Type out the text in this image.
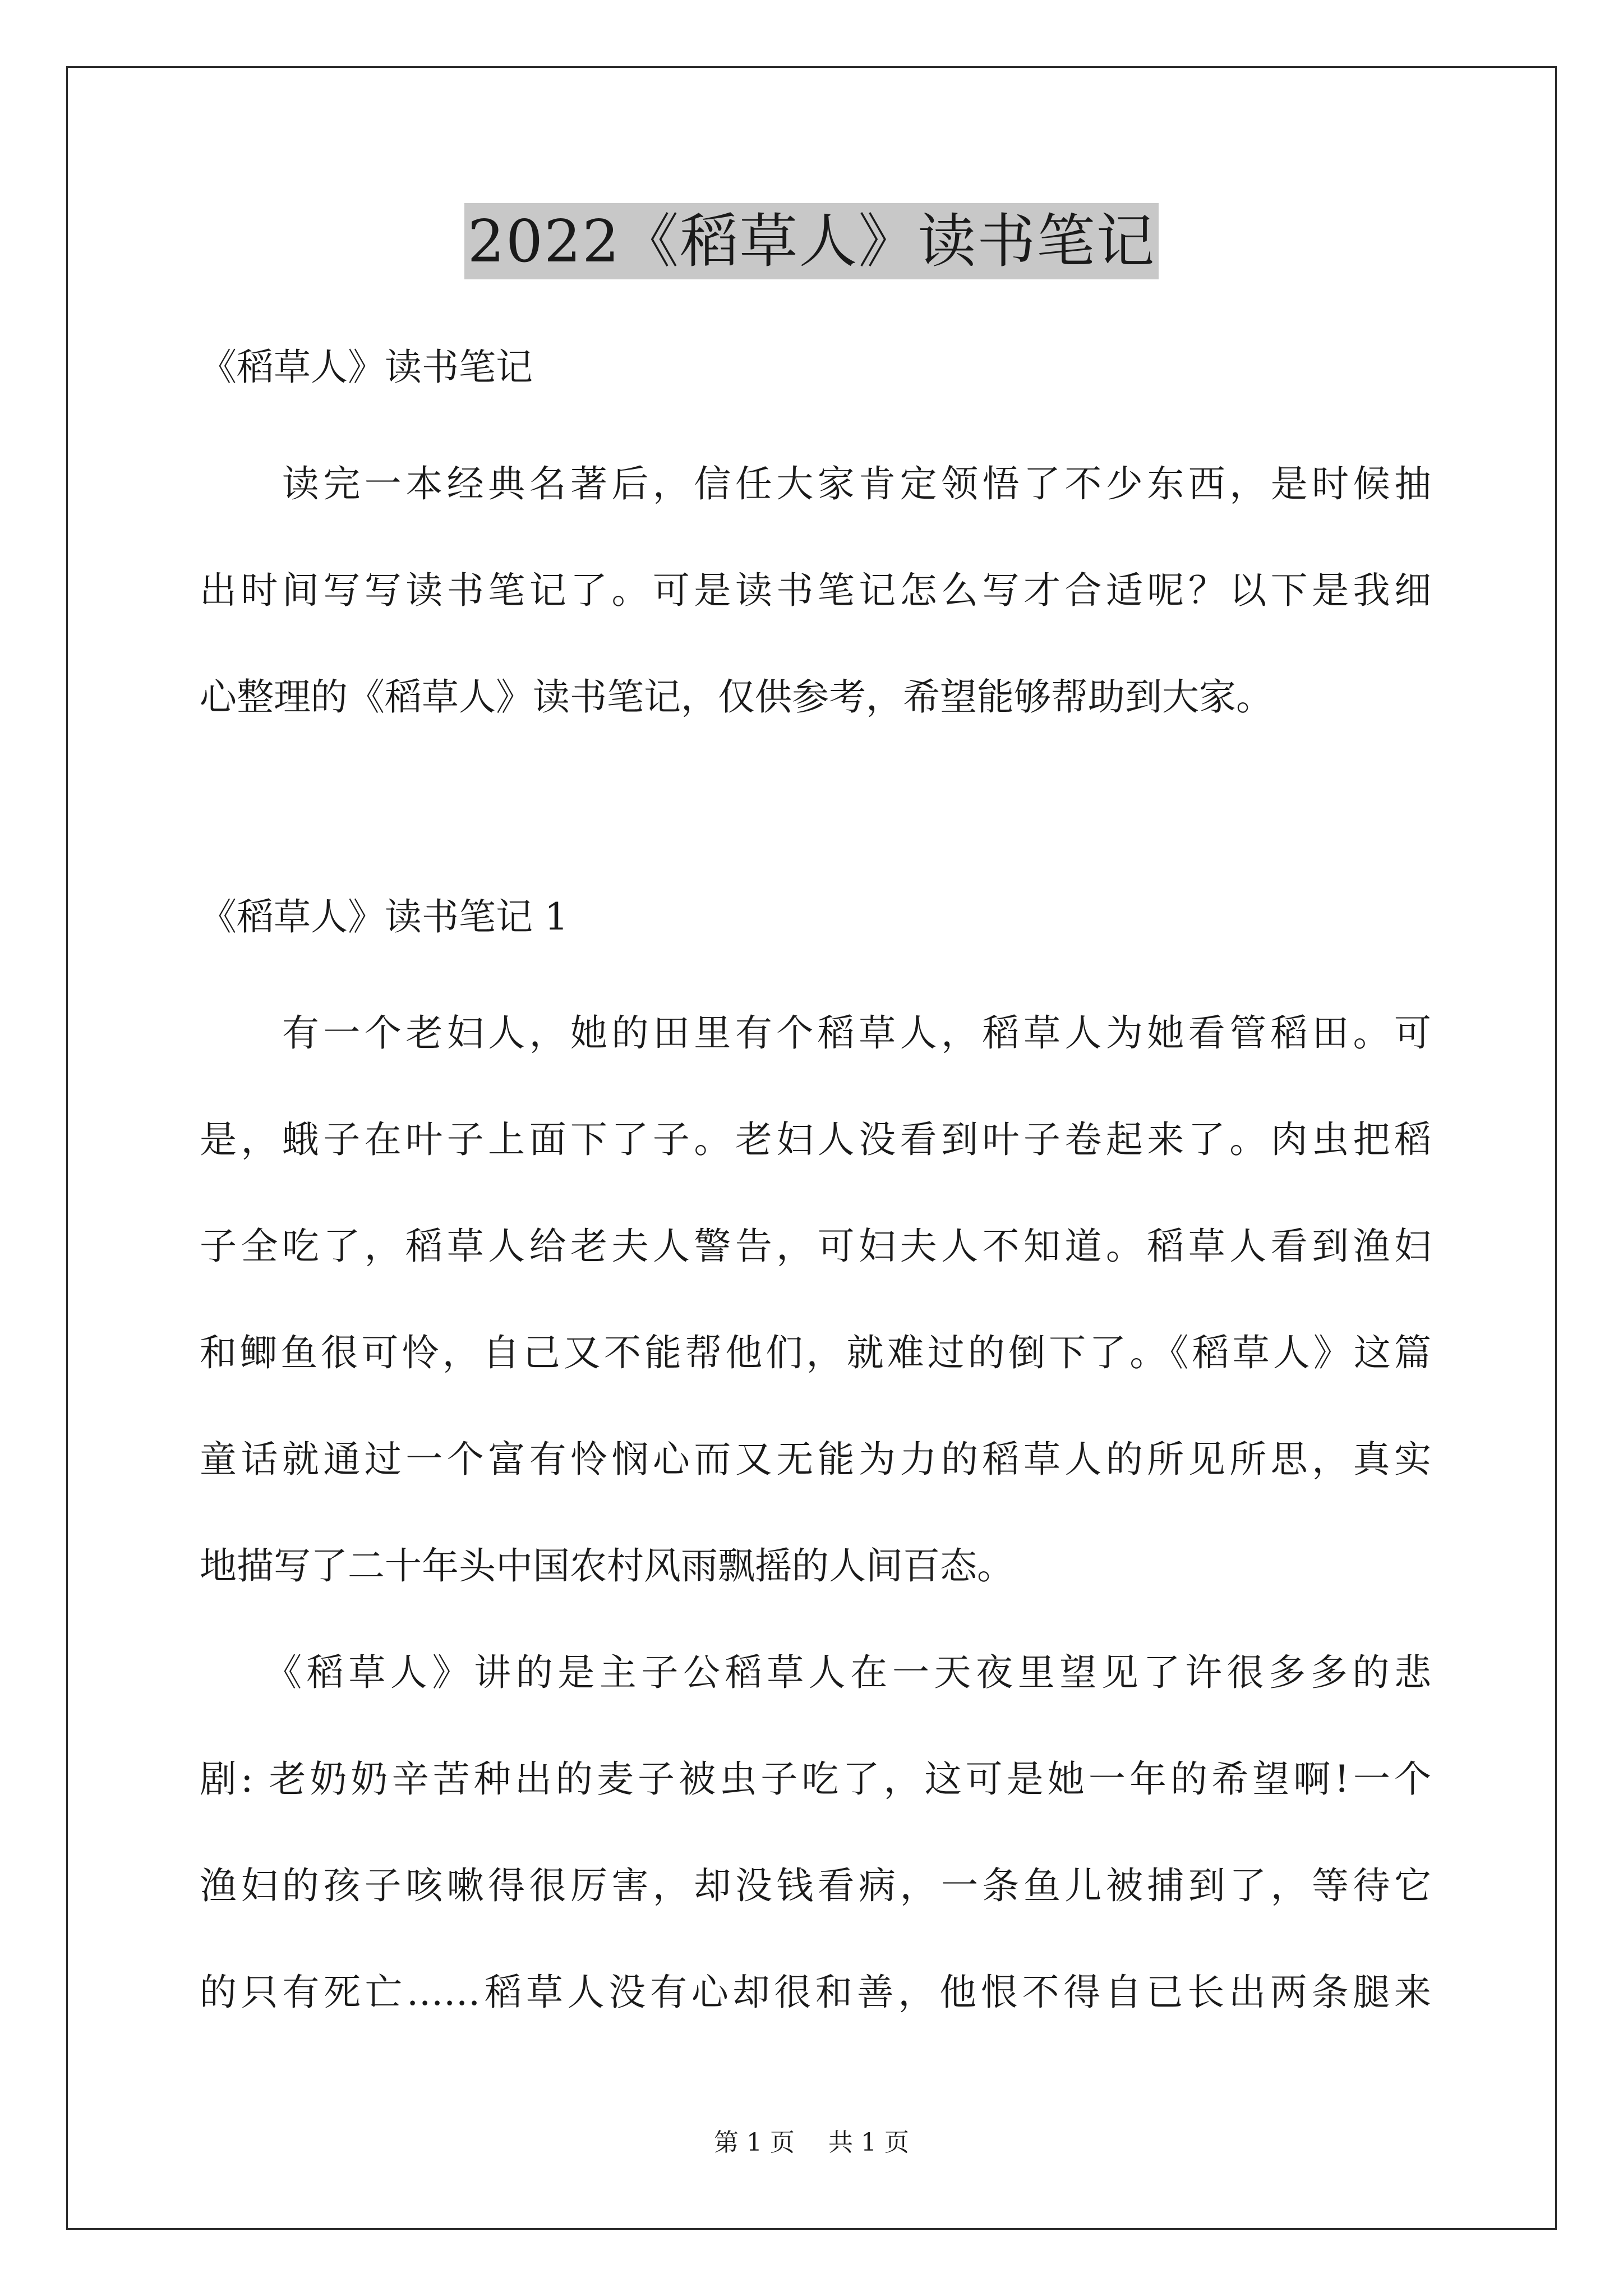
2022《稻草人》读书笔记
《稻草人》读书笔记
　　读完一本经典名著后，信任大家肯定领悟了不少东西，是时候抽
出时间写写读书笔记了。可是读书笔记怎么写才合适呢？以下是我细
心整理的《稻草人》读书笔记，仅供参考，希望能够帮助到大家。
《稻草人》读书笔记 1
　　有一个老妇人，她的田里有个稻草人，稻草人为她看管稻田。可
是，蛾子在叶子上面下了子。老妇人没看到叶子卷起来了。肉虫把稻
子全吃了，稻草人给老夫人警告，可妇夫人不知道。稻草人看到渔妇
和鲫鱼很可怜，自己又不能帮他们，就难过的倒下了。《稻草人》这篇
童话就通过一个富有怜悯心而又无能为力的稻草人的所见所思，真实
地描写了二十年头中国农村风雨飘摇的人间百态。
　　《稻草人》讲的是主子公稻草人在一天夜里望见了许很多多的悲
剧: 老奶奶辛苦种出的麦子被虫子吃了，这可是她一年的希望啊!一个
渔妇的孩子咳嗽得很厉害，却没钱看病，一条鱼儿被捕到了，等待它
的只有死亡……稻草人没有心却很和善，他恨不得自已长出两条腿来
第 1 页 共 1 页
